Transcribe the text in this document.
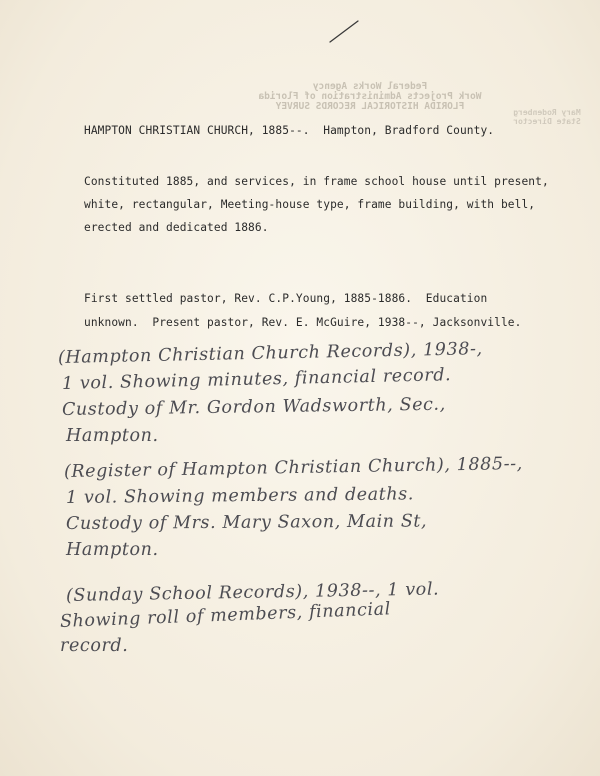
Federal Works Agency
Work Projects Administration of Florida
FLORIDA HISTORICAL RECORDS SURVEY
Mary Rodenberg
State Director
HAMPTON CHRISTIAN CHURCH, 1885--.  Hampton, Bradford County.
Constituted 1885, and services, in frame school house until present,
white, rectangular, Meeting-house type, frame building, with bell,
erected and dedicated 1886.
First settled pastor, Rev. C.P.Young, 1885-1886.  Education
unknown.  Present pastor, Rev. E. McGuire, 1938--, Jacksonville.
(Hampton Christian Church Records), 1938-,
1 vol. Showing minutes, financial record.
Custody of Mr. Gordon Wadsworth, Sec.,
Hampton.
(Register of Hampton Christian Church), 1885--,
1 vol. Showing members and deaths.
Custody of Mrs. Mary Saxon, Main St,
Hampton.
(Sunday School Records), 1938--, 1 vol.
Showing roll of members, financial
record.
